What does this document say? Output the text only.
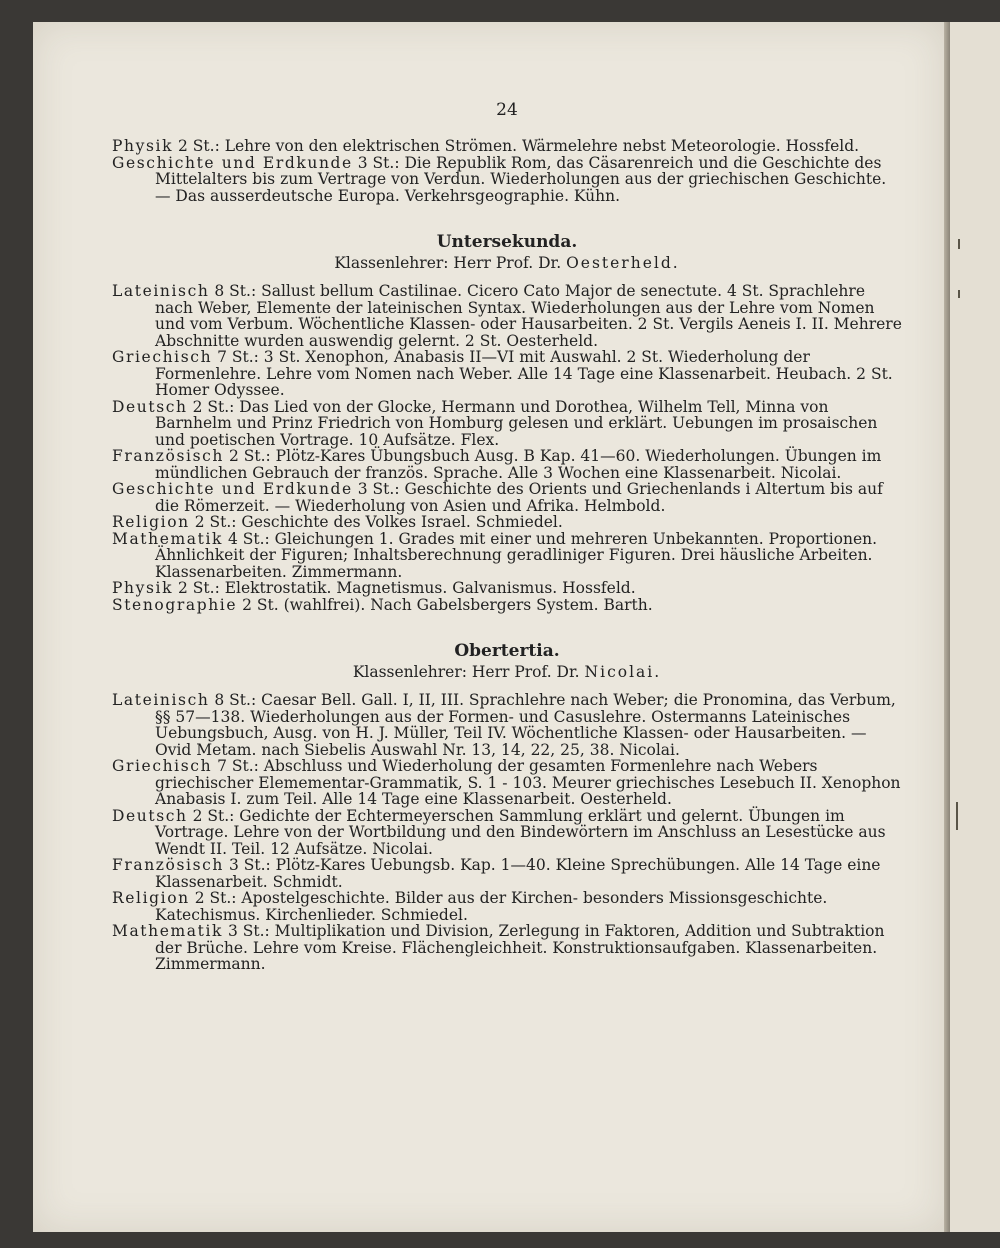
24

Physik 2 St.: Lehre von den elektrischen Strömen. Wärmelehre nebst Meteorologie. Hossfeld.

Geschichte und Erdkunde 3 St.: Die Republik Rom, das Cäsarenreich und die Geschichte des Mittelalters bis zum Vertrage von Verdun. Wiederholungen aus der griechischen Geschichte. — Das ausserdeutsche Europa. Verkehrsgeographie. Kühn.

Untersekunda.
Klassenlehrer: Herr Prof. Dr. Oesterheld.

Lateinisch 8 St.: Sallust bellum Castilinae. Cicero Cato Major de senectute. 4 St. Sprachlehre nach Weber, Elemente der lateinischen Syntax. Wiederholungen aus der Lehre vom Nomen und vom Verbum. Wöchentliche Klassen- oder Hausarbeiten. 2 St. Vergils Aeneis I. II. Mehrere Abschnitte wurden auswendig gelernt. 2 St. Oesterheld.

Griechisch 7 St.: 3 St. Xenophon, Anabasis II—VI mit Auswahl. 2 St. Wiederholung der Formenlehre. Lehre vom Nomen nach Weber. Alle 14 Tage eine Klassenarbeit. Heubach. 2 St. Homer Odyssee.

Deutsch 2 St.: Das Lied von der Glocke, Hermann und Dorothea, Wilhelm Tell, Minna von Barnhelm und Prinz Friedrich von Homburg gelesen und erklärt. Uebungen im prosaischen und poetischen Vortrage. 10 Aufsätze. Flex.

Französisch 2 St.: Plötz-Kares Übungsbuch Ausg. B Kap. 41—60. Wiederholungen. Übungen im mündlichen Gebrauch der französ. Sprache. Alle 3 Wochen eine Klassenarbeit. Nicolai.

Geschichte und Erdkunde 3 St.: Geschichte des Orients und Griechenlands i Altertum bis auf die Römerzeit. — Wiederholung von Asien und Afrika. Helmbold.

Religion 2 St.: Geschichte des Volkes Israel. Schmiedel.

Mathematik 4 St.: Gleichungen 1. Grades mit einer und mehreren Unbekannten. Proportionen. Ähnlichkeit der Figuren; Inhaltsberechnung geradliniger Figuren. Drei häusliche Arbeiten. Klassenarbeiten. Zimmermann.

Physik 2 St.: Elektrostatik. Magnetismus. Galvanismus. Hossfeld.

Stenographie 2 St. (wahlfrei). Nach Gabelsbergers System. Barth.

Obertertia.
Klassenlehrer: Herr Prof. Dr. Nicolai.

Lateinisch 8 St.: Caesar Bell. Gall. I, II, III. Sprachlehre nach Weber; die Pronomina, das Verbum, §§ 57—138. Wiederholungen aus der Formen- und Casuslehre. Ostermanns Lateinisches Uebungsbuch, Ausg. von H. J. Müller, Teil IV. Wöchentliche Klassen- oder Hausarbeiten. — Ovid Metam. nach Siebelis Auswahl Nr. 13, 14, 22, 25, 38. Nicolai.

Griechisch 7 St.: Abschluss und Wiederholung der gesamten Formenlehre nach Webers griechischer Elemementar-Grammatik, S. 1 - 103. Meurer griechisches Lesebuch II. Xenophon Anabasis I. zum Teil. Alle 14 Tage eine Klassenarbeit. Oesterheld.

Deutsch 2 St.: Gedichte der Echtermeyerschen Sammlung erklärt und gelernt. Übungen im Vortrage. Lehre von der Wortbildung und den Bindewörtern im Anschluss an Lesestücke aus Wendt II. Teil. 12 Aufsätze. Nicolai.

Französisch 3 St.: Plötz-Kares Uebungsb. Kap. 1—40. Kleine Sprechübungen. Alle 14 Tage eine Klassenarbeit. Schmidt.

Religion 2 St.: Apostelgeschichte. Bilder aus der Kirchen- besonders Missionsgeschichte. Katechismus. Kirchenlieder. Schmiedel.

Mathematik 3 St.: Multiplikation und Division, Zerlegung in Faktoren, Addition und Subtraktion der Brüche. Lehre vom Kreise. Flächengleichheit. Konstruktionsaufgaben. Klassenarbeiten. Zimmermann.
